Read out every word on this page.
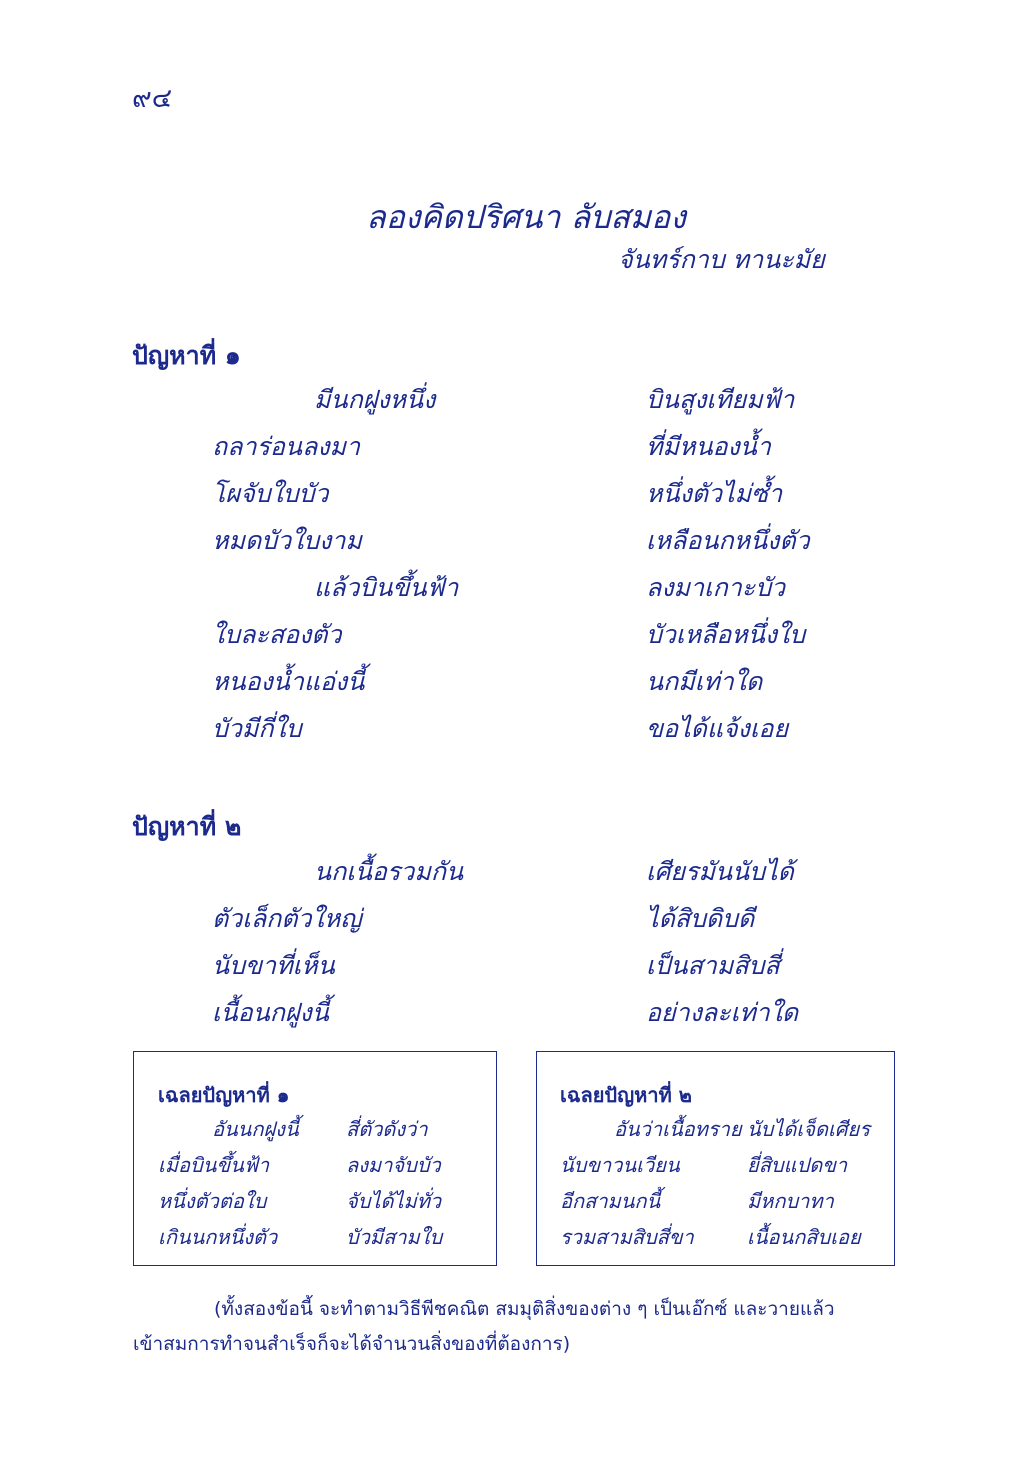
๙๔
ลองคิดปริศนา ลับสมอง
จันทร์กาบ ทานะมัย
ปัญหาที่ ๑
มีนกฝูงหนึ่ง	บินสูงเทียมฟ้า
ถลาร่อนลงมา	ที่มีหนองน้ำ
โผจับใบบัว	หนึ่งตัวไม่ซ้ำ
หมดบัวใบงาม	เหลือนกหนึ่งตัว
แล้วบินขึ้นฟ้า	ลงมาเกาะบัว
ใบละสองตัว	บัวเหลือหนึ่งใบ
หนองน้ำแอ่งนี้	นกมีเท่าใด
บัวมีกี่ใบ	ขอได้แจ้งเอย
ปัญหาที่ ๒
นกเนื้อรวมกัน	เศียรมันนับได้
ตัวเล็กตัวใหญ่	ได้สิบดิบดี
นับขาที่เห็น	เป็นสามสิบสี่
เนื้อนกฝูงนี้	อย่างละเท่าใด
เฉลยปัญหาที่ ๑
อันนกฝูงนี้ สี่ตัวดังว่า
เมื่อบินขึ้นฟ้า	ลงมาจับบัว
หนึ่งตัวต่อใบ	จับได้ไม่ทั่ว
เกินนกหนึ่งตัว	บัวมีสามใบ
เฉลยปัญหาที่ ๒
อันว่าเนื้อทราย นับได้เจ็ดเศียร
นับขาวนเวียน	ยี่สิบแปดขา
อีกสามนกนี้	มีหกบาทา
รวมสามสิบสี่ขา	เนื้อนกสิบเอย
(ทั้งสองข้อนี้ จะทำตามวิธีพีชคณิต สมมุติสิ่งของต่าง ๆ เป็นเอ๊กซ์ และวายแล้ว
เข้าสมการทำจนสำเร็จก็จะได้จำนวนสิ่งของที่ต้องการ)
